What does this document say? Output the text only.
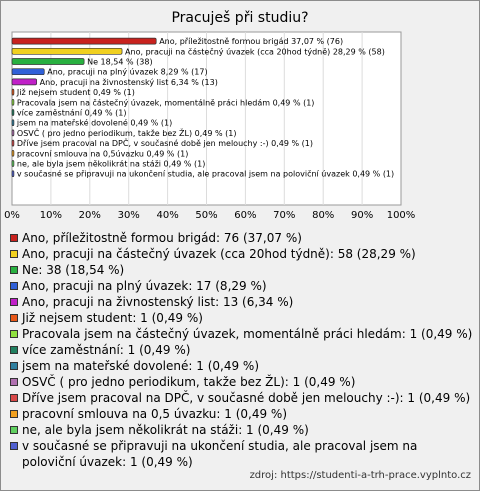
Pracuješ při studiu?
0% 10% 20% 30% 40% 50% 60% 70% 80% 90% 100%
Ano, příležitostně formou brigád 37,07 % (76)
Ano, pracuji na částečný úvazek (cca 20hod týdně) 28,29 % (58)
Ne 18,54 % (38)
Ano, pracuji na plný úvazek 8,29 % (17)
Ano, pracuji na živnostenský list 6,34 % (13)
Již nejsem student 0,49 % (1)
Pracovala jsem na částečný úvazek, momentálně práci hledám 0,49 % (1)
více zaměstnání 0,49 % (1)
jsem na mateřské dovolené 0,49 % (1)
OSVČ ( pro jedno periodikum, takže bez ŽL) 0,49 % (1)
Dříve jsem pracoval na DPČ, v současné době jen melouchy :-) 0,49 % (1)
pracovní smlouva na 0,5úvazku 0,49 % (1)
ne, ale byla jsem několikrát na stáži 0,49 % (1)
v současné se připravuji na ukončení studia, ale pracoval jsem na poloviční úvazek 0,49 % (1)
Ano, příležitostně formou brigád: 76 (37,07 %)
Ano, pracuji na částečný úvazek (cca 20hod týdně): 58 (28,29 %)
Ne: 38 (18,54 %)
Ano, pracuji na plný úvazek: 17 (8,29 %)
Ano, pracuji na živnostenský list: 13 (6,34 %)
Již nejsem student: 1 (0,49 %)
Pracovala jsem na částečný úvazek, momentálně práci hledám: 1 (0,49 %)
více zaměstnání: 1 (0,49 %)
jsem na mateřské dovolené: 1 (0,49 %)
OSVČ ( pro jedno periodikum, takže bez ŽL): 1 (0,49 %)
Dříve jsem pracoval na DPČ, v současné době jen melouchy :-): 1 (0,49 %)
pracovní smlouva na 0,5 úvazku: 1 (0,49 %)
ne, ale byla jsem několikrát na stáži: 1 (0,49 %)
v současné se připravuji na ukončení studia, ale pracoval jsem na poloviční úvazek: 1 (0,49 %)
zdroj: https://studenti-a-trh-prace.vyplnto.cz
